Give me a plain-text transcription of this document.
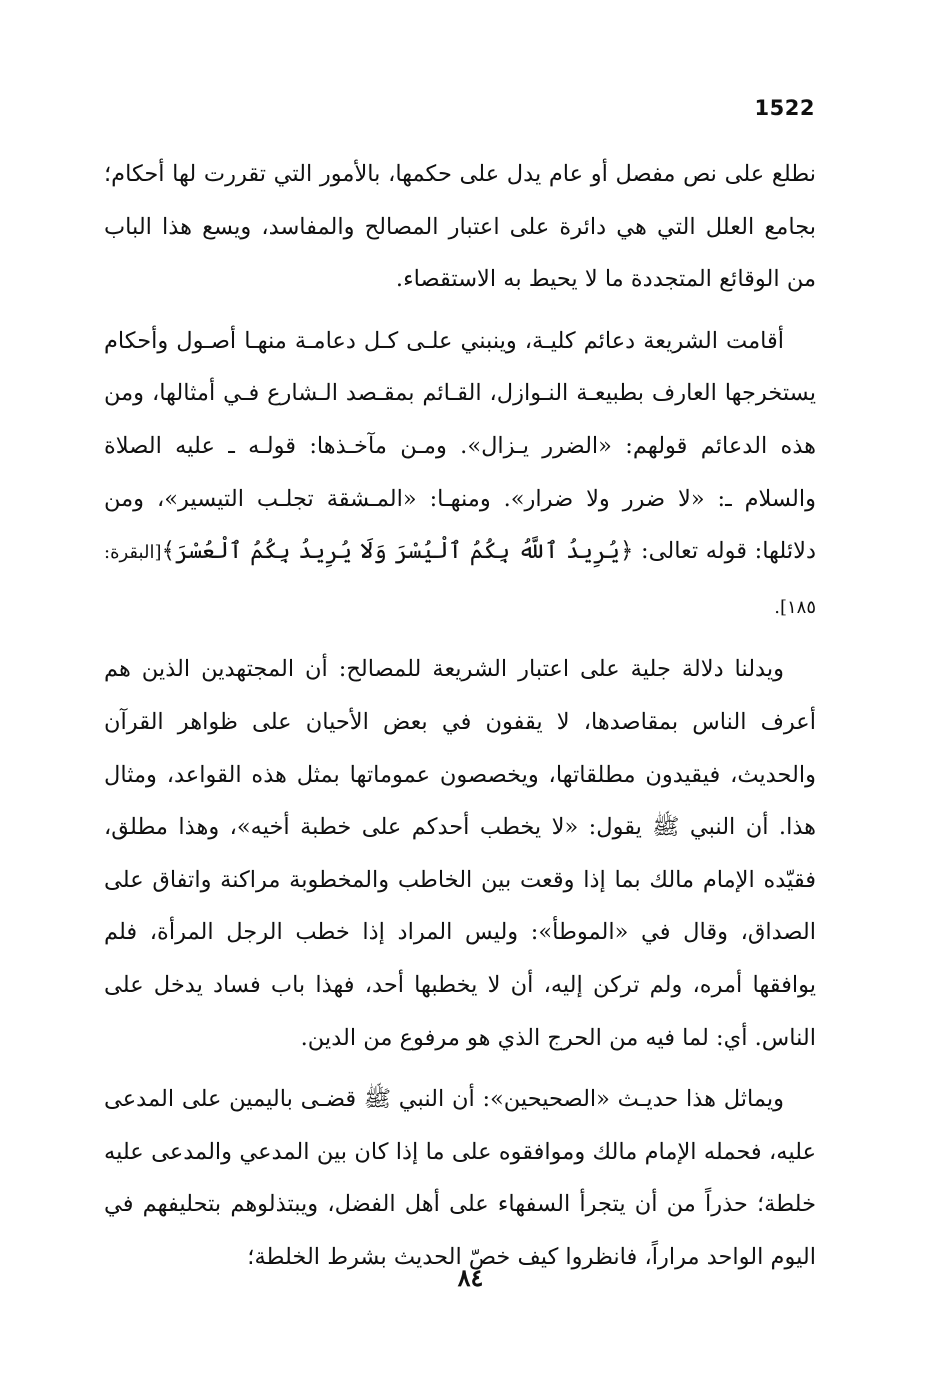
1522

نطلع على نص مفصل أو عام يدل على حكمها، بالأمور التي تقررت لها أحكام؛ بجامع العلل التي هي دائرة على اعتبار المصالح والمفاسد، ويسع هذا الباب من الوقائع المتجددة ما لا يحيط به الاستقصاء.

أقامت الشريعة دعائم كليـة، وينبني علـى كـل دعامـة منهـا أصـول وأحكام يستخرجها العارف بطبيعـة النـوازل، القـائم بمقـصد الـشارع فـي أمثالها، ومن هذه الدعائم قولهم: «الضرر يـزال». ومـن مآخـذها: قولـه ـ عليه الصلاة والسلام ـ: «لا ضرر ولا ضرار». ومنهـا: «المـشقة تجلـب التيسير»، ومن دلائلها: قوله تعالى: ﴿يُرِيدُ ٱللَّهُ بِكُمُ ٱلْيُسْرَ وَلَا يُرِيدُ بِكُمُ ٱلْعُسْرَ﴾[البقرة: ١٨٥].

ويدلنا دلالة جلية على اعتبار الشريعة للمصالح: أن المجتهدين الذين هم أعرف الناس بمقاصدها، لا يقفون في بعض الأحيان على ظواهر القرآن والحديث، فيقيدون مطلقاتها، ويخصصون عموماتها بمثل هذه القواعد، ومثال هذا. أن النبي ﷺ يقول: «لا يخطب أحدكم على خطبة أخيه»، وهذا مطلق، فقيّده الإمام مالك بما إذا وقعت بين الخاطب والمخطوبة مراكنة واتفاق على الصداق، وقال في «الموطأ»: وليس المراد إذا خطب الرجل المرأة، فلم يوافقها أمره، ولم تركن إليه، أن لا يخطبها أحد، فهذا باب فساد يدخل على الناس. أي: لما فيه من الحرج الذي هو مرفوع من الدين.

ويماثل هذا حديـث «الصحيحين»: أن النبي ﷺ قضـى باليمين على المدعى عليه، فحمله الإمام مالك وموافقوه على ما إذا كان بين المدعي والمدعى عليه خلطة؛ حذراً من أن يتجرأ السفهاء على أهل الفضل، ويبتذلوهم بتحليفهم في اليوم الواحد مراراً، فانظروا كيف خصّ الحديث بشرط الخلطة؛

٨٤
